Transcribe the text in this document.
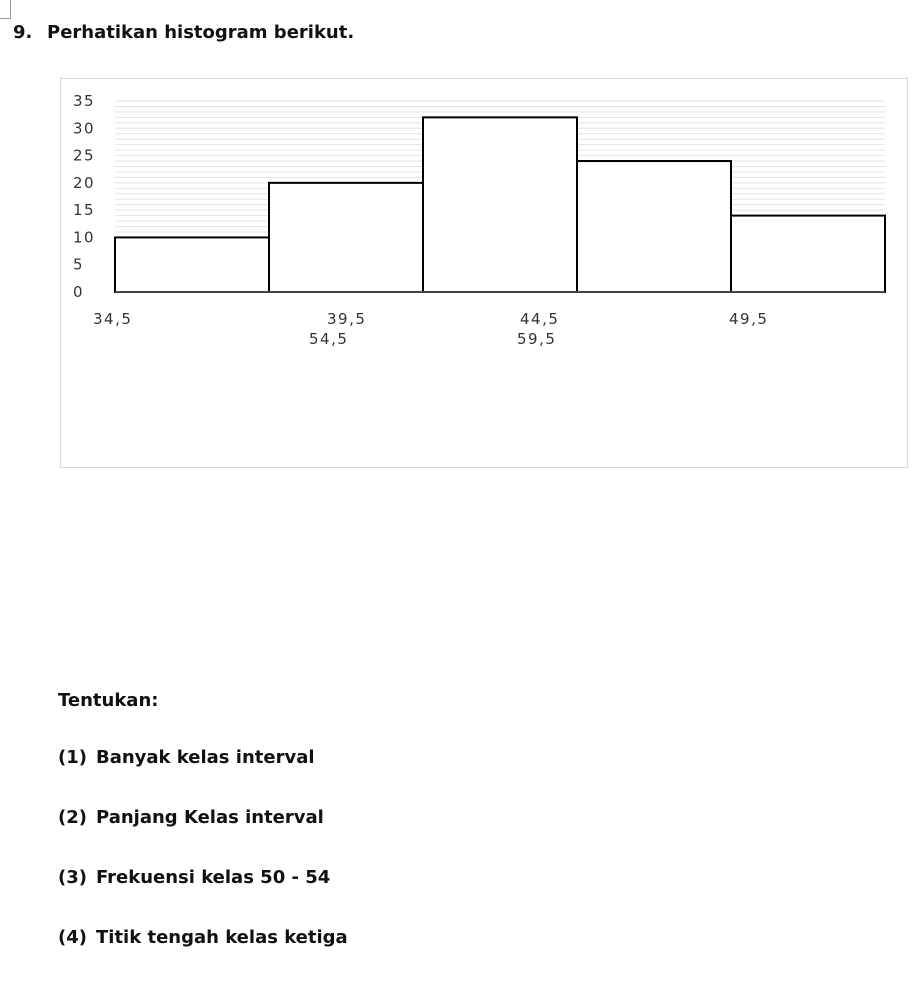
9. Perhatikan histogram berikut.
0
5
10
15
20
25
30
35
34,5	39,5	44,5	49,5
54,5	59,5

Tentukan:

(1) Banyak kelas interval

(2) Panjang Kelas interval

(3) Frekuensi kelas 50 - 54

(4) Titik tengah kelas ketiga
